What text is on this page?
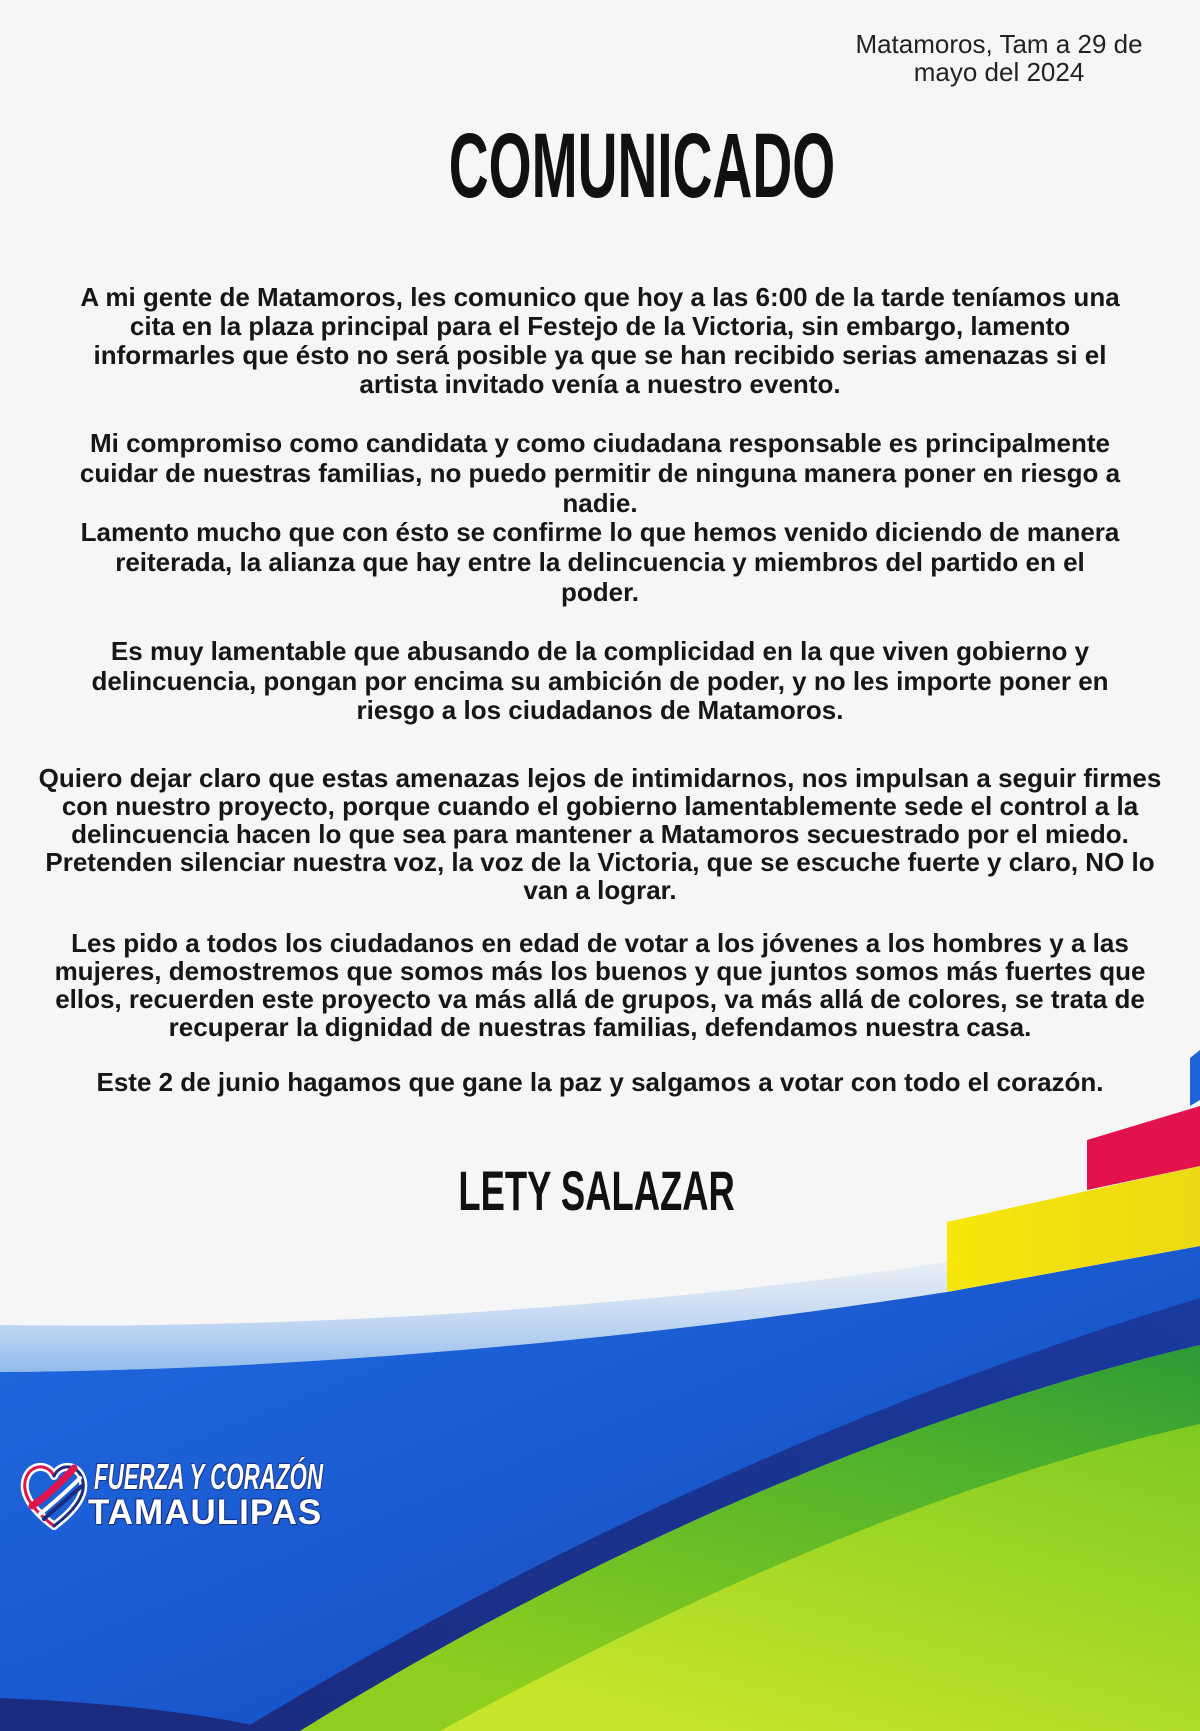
Matamoros, Tam a 29 de
mayo del 2024
COMUNICADO
A mi gente de Matamoros, les comunico que hoy a las 6:00 de la tarde teníamos una
cita en la plaza principal para el Festejo de la Victoria, sin embargo, lamento
informarles que ésto no será posible ya que se han recibido serias amenazas si el
artista invitado venía a nuestro evento.
Mi compromiso como candidata y como ciudadana responsable es principalmente
cuidar de nuestras familias, no puedo permitir de ninguna manera poner en riesgo a
nadie.
Lamento mucho que con ésto se confirme lo que hemos venido diciendo de manera
reiterada, la alianza que hay entre la delincuencia y miembros del partido en el
poder.
Es muy lamentable que abusando de la complicidad en la que viven gobierno y
delincuencia, pongan por encima su ambición de poder, y no les importe poner en
riesgo a los ciudadanos de Matamoros.
Quiero dejar claro que estas amenazas lejos de intimidarnos, nos impulsan a seguir firmes
con nuestro proyecto, porque cuando el gobierno lamentablemente sede el control a la
delincuencia hacen lo que sea para mantener a Matamoros secuestrado por el miedo.
Pretenden silenciar nuestra voz, la voz de la Victoria, que se escuche fuerte y claro, NO lo
van a lograr.
Les pido a todos los ciudadanos en edad de votar a los jóvenes a los hombres y a las
mujeres, demostremos que somos más los buenos y que juntos somos más fuertes que
ellos, recuerden este proyecto va más allá de grupos, va más allá de colores, se trata de
recuperar la dignidad de nuestras familias, defendamos nuestra casa.
Este 2 de junio hagamos que gane la paz y salgamos a votar con todo el corazón.
LETY SALAZAR
FUERZA Y CORAZÓN
TAMAULIPAS
